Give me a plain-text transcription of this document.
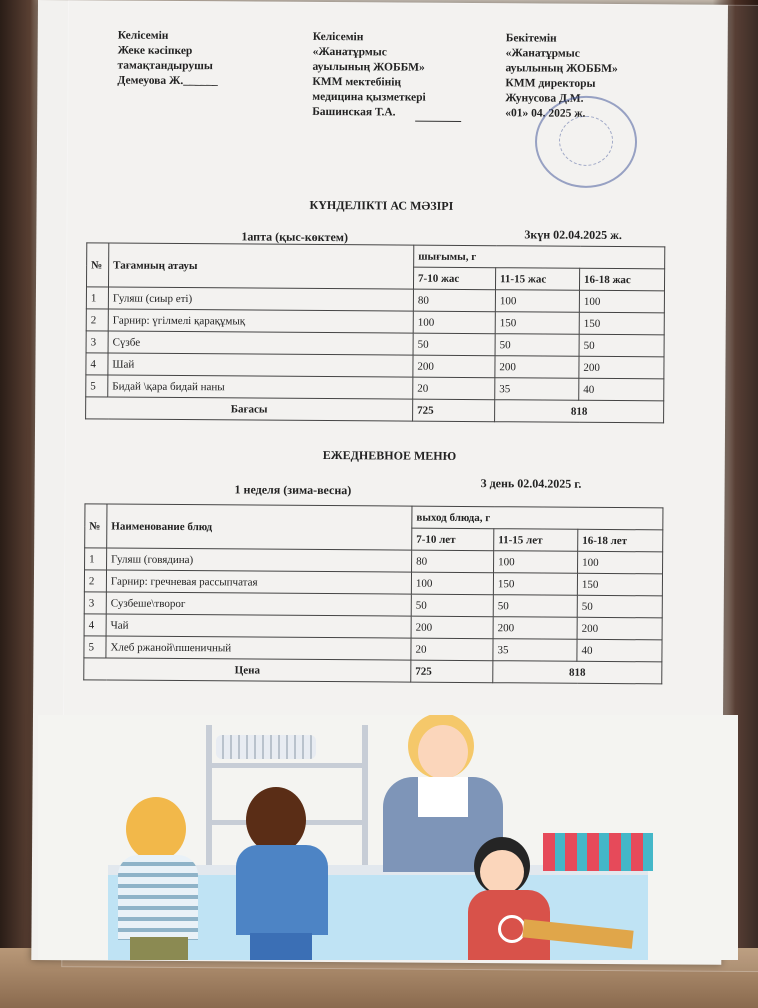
Келісемін
Жеке кәсіпкер
тамақтандырушы
Демеуова Ж.______
Келісемін
«Жанатұрмыс
ауылының ЖОББМ»
КММ мектебінің
медицина қызметкері
Башинская Т.А.
Бекітемін
«Жанатұрмыс
ауылының ЖОББМ»
КММ директоры
Жунусова Д.М.
«01» 04. 2025 ж.
КҮНДЕЛІКТІ АС МӘЗІРІ
1апта (қыс-көктем)	3күн 02.04.2025 ж.
№	Тағамның атауы	шығымы, г		
		7-10 жас	11-15 жас	16-18 жас
1	Гуляш (сиыр еті)	80	100	100
2	Гарнир: үгілмелі қарақұмық	100	150	150
3	Сүзбе	50	50	50
4	Шай	200	200	200
5	Бидай \қара бидай наны	20	35	40
Бағасы		725	818	
ЕЖЕДНЕВНОЕ МЕНЮ
1 неделя (зима-весна)	3 день 02.04.2025 г.
№	Наименование блюд	выход блюда, г		
		7-10 лет	11-15 лет	16-18 лет
1	Гуляш (говядина)	80	100	100
2	Гарнир: гречневая рассыпчатая	100	150	150
3	Сузбеше\творог	50	50	50
4	Чай	200	200	200
5	Хлеб ржаной\пшеничный	20	35	40
Цена		725	818	
